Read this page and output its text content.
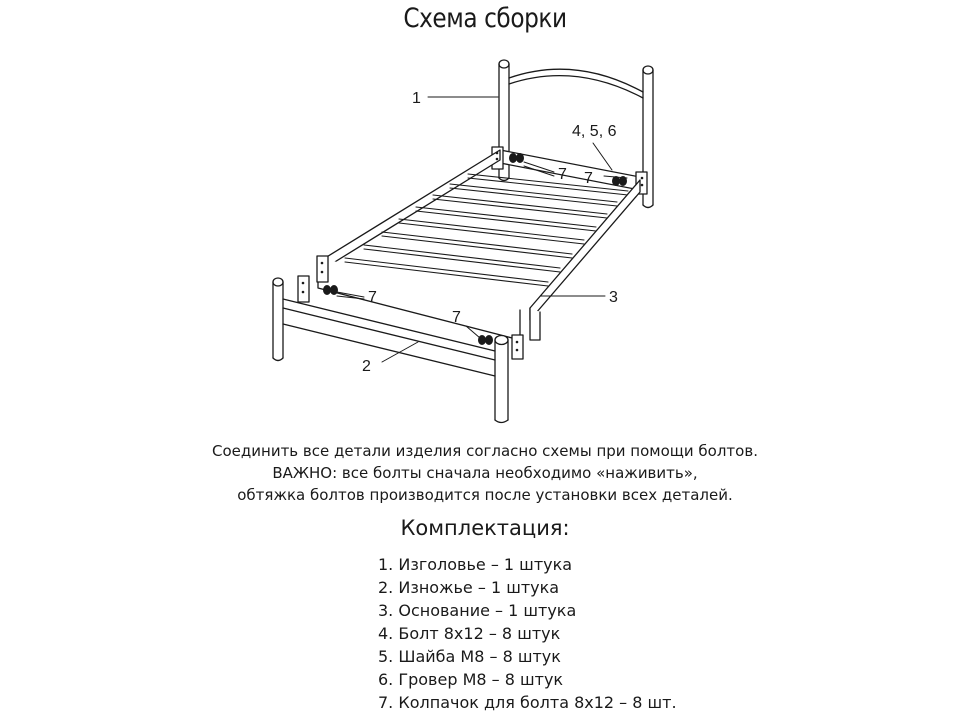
Схема сборки
1
4, 5, 6
7 7
7
7
3
2

Соединить все детали изделия согласно схемы при помощи болтов.

ВАЖНО: все болты сначала необходимо «наживить»,

обтяжка болтов производится после установки всех деталей.

Комплектация:
1. Изголовье – 1 штука
2. Изножье – 1 штука
3. Основание – 1 штука
4. Болт 8х12 – 8 штук
5. Шайба М8 – 8 штук
6. Гровер М8 – 8 штук
7. Колпачок для болта 8х12 – 8 шт.
